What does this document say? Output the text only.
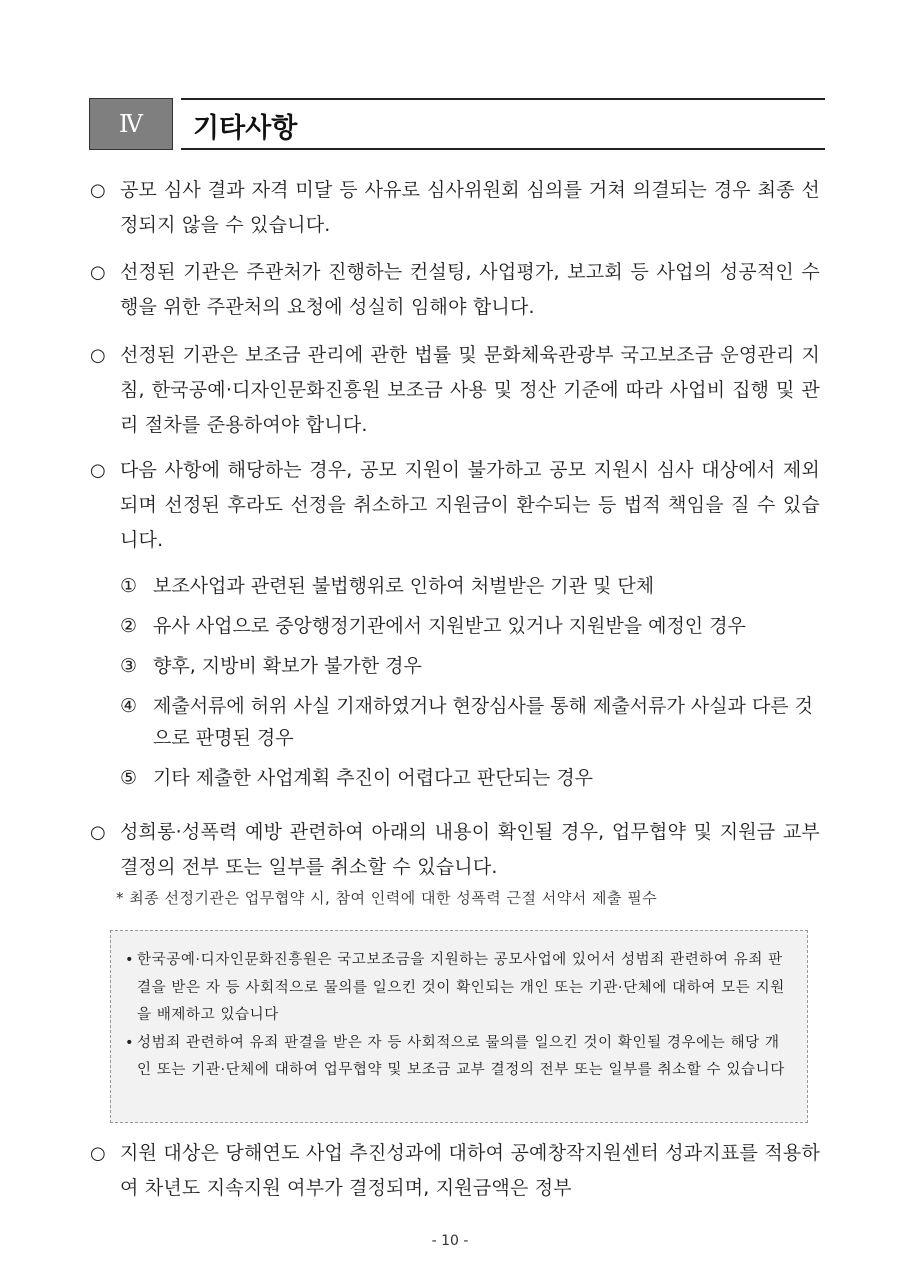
Ⅳ	기타사항
○ 공모 심사 결과 자격 미달 등 사유로 심사위원회 심의를 거쳐 의결되는 경우 최종 선정되지 않을 수 있습니다.
○ 선정된 기관은 주관처가 진행하는 컨설팅, 사업평가, 보고회 등 사업의 성공적인 수행을 위한 주관처의 요청에 성실히 임해야 합니다.
○ 선정된 기관은 보조금 관리에 관한 법률 및 문화체육관광부 국고보조금 운영관리 지침, 한국공예·디자인문화진흥원 보조금 사용 및 정산 기준에 따라 사업비 집행 및 관리 절차를 준용하여야 합니다.
○ 다음 사항에 해당하는 경우, 공모 지원이 불가하고 공모 지원시 심사 대상에서 제외되며 선정된 후라도 선정을 취소하고 지원금이 환수되는 등 법적 책임을 질 수 있습니다.
① 보조사업과 관련된 불법행위로 인하여 처벌받은 기관 및 단체
② 유사 사업으로 중앙행정기관에서 지원받고 있거나 지원받을 예정인 경우
③ 향후, 지방비 확보가 불가한 경우
④ 제출서류에 허위 사실 기재하였거나 현장심사를 통해 제출서류가 사실과 다른 것으로 판명된 경우
⑤ 기타 제출한 사업계획 추진이 어렵다고 판단되는 경우
○ 성희롱·성폭력 예방 관련하여 아래의 내용이 확인될 경우, 업무협약 및 지원금 교부 결정의 전부 또는 일부를 취소할 수 있습니다.
* 최종 선정기관은 업무협약 시, 참여 인력에 대한 성폭력 근절 서약서 제출 필수
• 한국공예·디자인문화진흥원은 국고보조금을 지원하는 공모사업에 있어서 성범죄 관련하여 유죄 판결을 받은 자 등 사회적으로 물의를 일으킨 것이 확인되는 개인 또는 기관·단체에 대하여 모든 지원을 배제하고 있습니다
• 성범죄 관련하여 유죄 판결을 받은 자 등 사회적으로 물의를 일으킨 것이 확인될 경우에는 해당 개인 또는 기관·단체에 대하여 업무협약 및 보조금 교부 결정의 전부 또는 일부를 취소할 수 있습니다
○ 지원 대상은 당해연도 사업 추진성과에 대하여 공예창작지원센터 성과지표를 적용하여 차년도 지속지원 여부가 결정되며, 지원금액은 정부
- 10 -
